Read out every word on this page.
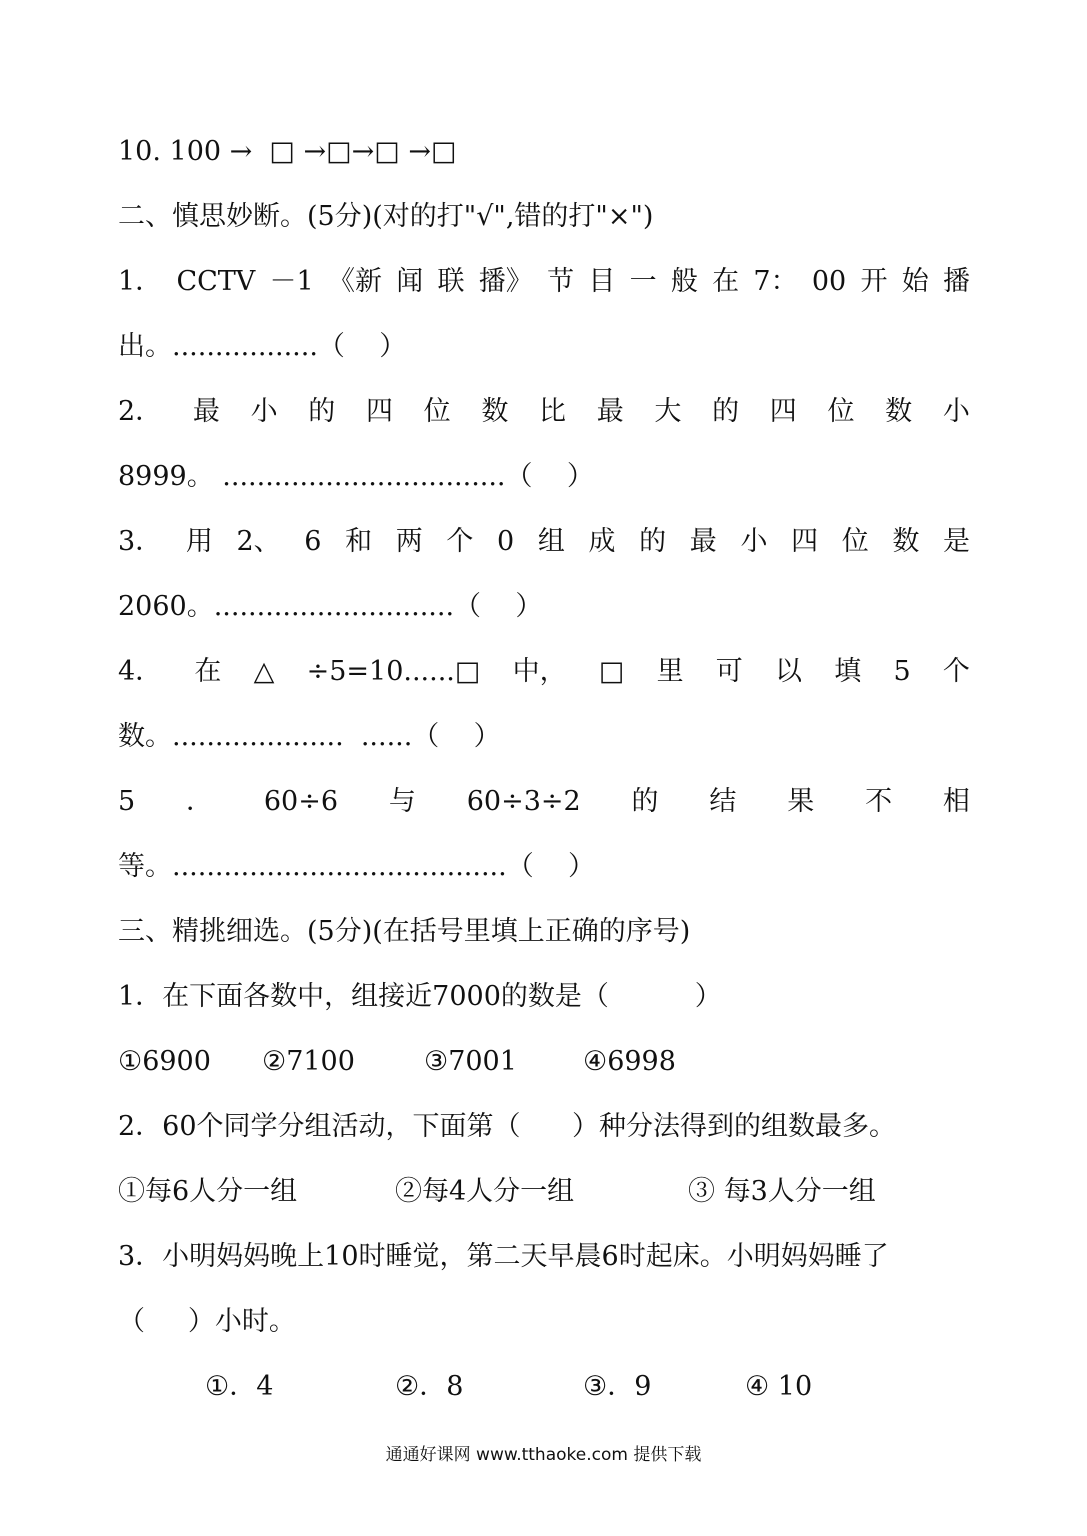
10. 100 →  □ →□→□ →□
二、慎思妙断。(5分)(对的打"√",错的打"×")
1． CCTV －1 《新 闻 联 播》 节 目 一 般 在 7： 00 开 始 播
出。.................（    ）
2． 最 小 的 四 位 数 比 最 大 的 四 位 数 小
8999。 .................................（    ）
3． 用 2、 6 和 两 个 0 组 成 的 最 小 四 位 数 是
2060。............................（    ）
4． 在 △ ÷5=10......□ 中， □ 里 可 以 填 5 个
数。....................  ......（    ）
5 ． 60÷6 与 60÷3÷2 的 结 果 不 相
等。.......................................（    ）
三、精挑细选。(5分)(在括号里填上正确的序号)
1．在下面各数中，组接近7000的数是（          ）
①6900 ②7100	③7001 ④6998
2．60个同学分组活动，下面第（      ）种分法得到的组数最多。
①每6人分一组	②每4人分一组	③ 每3人分一组
3．小明妈妈晚上10时睡觉，第二天早晨6时起床。小明妈妈睡了
（     ）小时。
①．4	②．8	③．9	④ 10
通通好课网 www.tthaoke.com 提供下载
